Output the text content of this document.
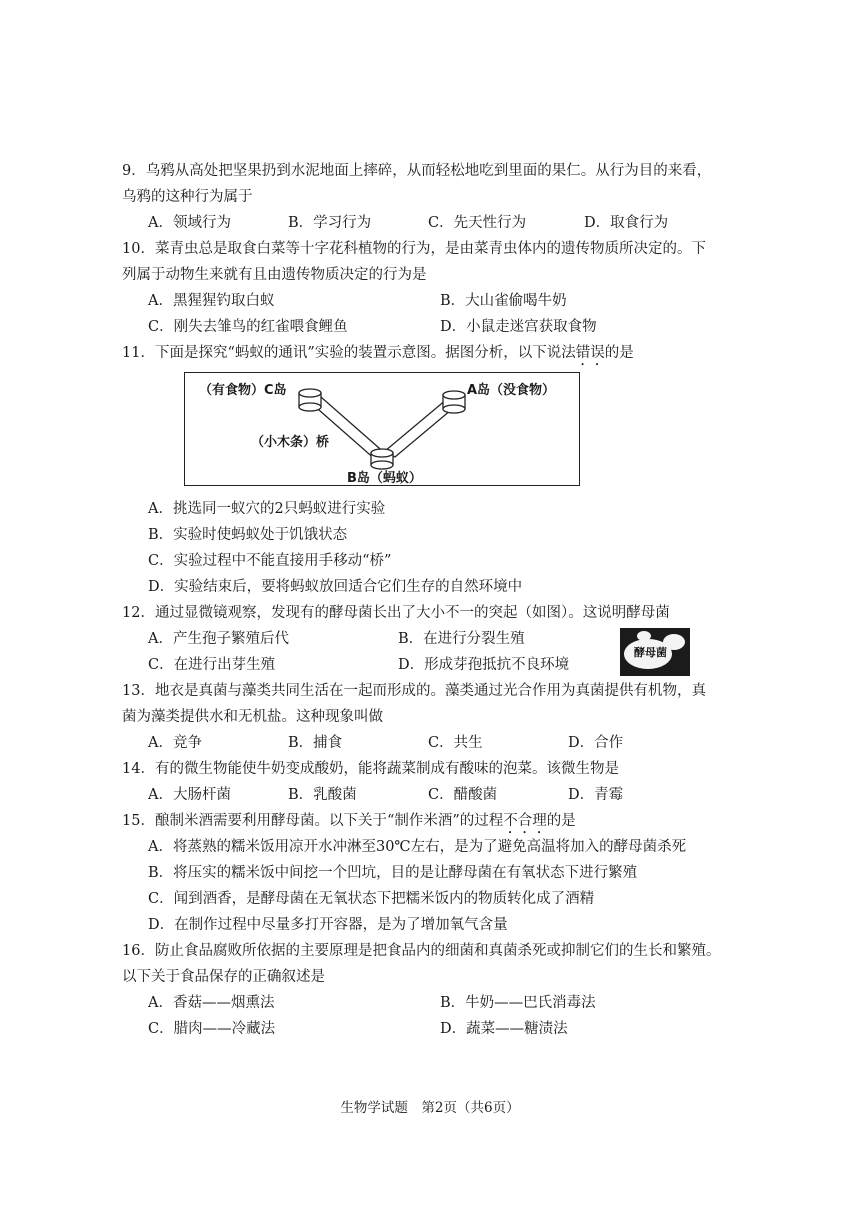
9．乌鸦从高处把坚果扔到水泥地面上摔碎，从而轻松地吃到里面的果仁。从行为目的来看，
乌鸦的这种行为属于
A．领域行为	B．学习行为	C．先天性行为	D．取食行为
10．菜青虫总是取食白菜等十字花科植物的行为，是由菜青虫体内的遗传物质所决定的。下
列属于动物生来就有且由遗传物质决定的行为是
A．黑猩猩钓取白蚁	B．大山雀偷喝牛奶
C．刚失去雏鸟的红雀喂食鲤鱼	D．小鼠走迷宫获取食物
11．下面是探究“蚂蚁的通讯”实验的装置示意图。据图分析，以下说法错误的是
（有食物）C岛	A岛（没食物）
（小木条）桥
B岛（蚂蚁）
A．挑选同一蚁穴的2只蚂蚁进行实验
B．实验时使蚂蚁处于饥饿状态
C．实验过程中不能直接用手移动“桥”
D．实验结束后，要将蚂蚁放回适合它们生存的自然环境中
12．通过显微镜观察，发现有的酵母菌长出了大小不一的突起（如图）。这说明酵母菌
A．产生孢子繁殖后代	B．在进行分裂生殖
C．在进行出芽生殖	D．形成芽孢抵抗不良环境
酵母菌
13．地衣是真菌与藻类共同生活在一起而形成的。藻类通过光合作用为真菌提供有机物，真
菌为藻类提供水和无机盐。这种现象叫做
A．竞争	B．捕食	C．共生	D．合作
14．有的微生物能使牛奶变成酸奶，能将蔬菜制成有酸味的泡菜。该微生物是
A．大肠杆菌	B．乳酸菌	C．醋酸菌	D．青霉
15．酿制米酒需要利用酵母菌。以下关于“制作米酒”的过程不合理的是
A．将蒸熟的糯米饭用凉开水冲淋至30℃左右，是为了避免高温将加入的酵母菌杀死
B．将压实的糯米饭中间挖一个凹坑，目的是让酵母菌在有氧状态下进行繁殖
C．闻到酒香，是酵母菌在无氧状态下把糯米饭内的物质转化成了酒精
D．在制作过程中尽量多打开容器，是为了增加氧气含量
16．防止食品腐败所依据的主要原理是把食品内的细菌和真菌杀死或抑制它们的生长和繁殖。
以下关于食品保存的正确叙述是
A．香菇——烟熏法	B．牛奶——巴氏消毒法
C．腊肉——冷藏法	D．蔬菜——糖渍法
生物学试题　第2页（共6页）
